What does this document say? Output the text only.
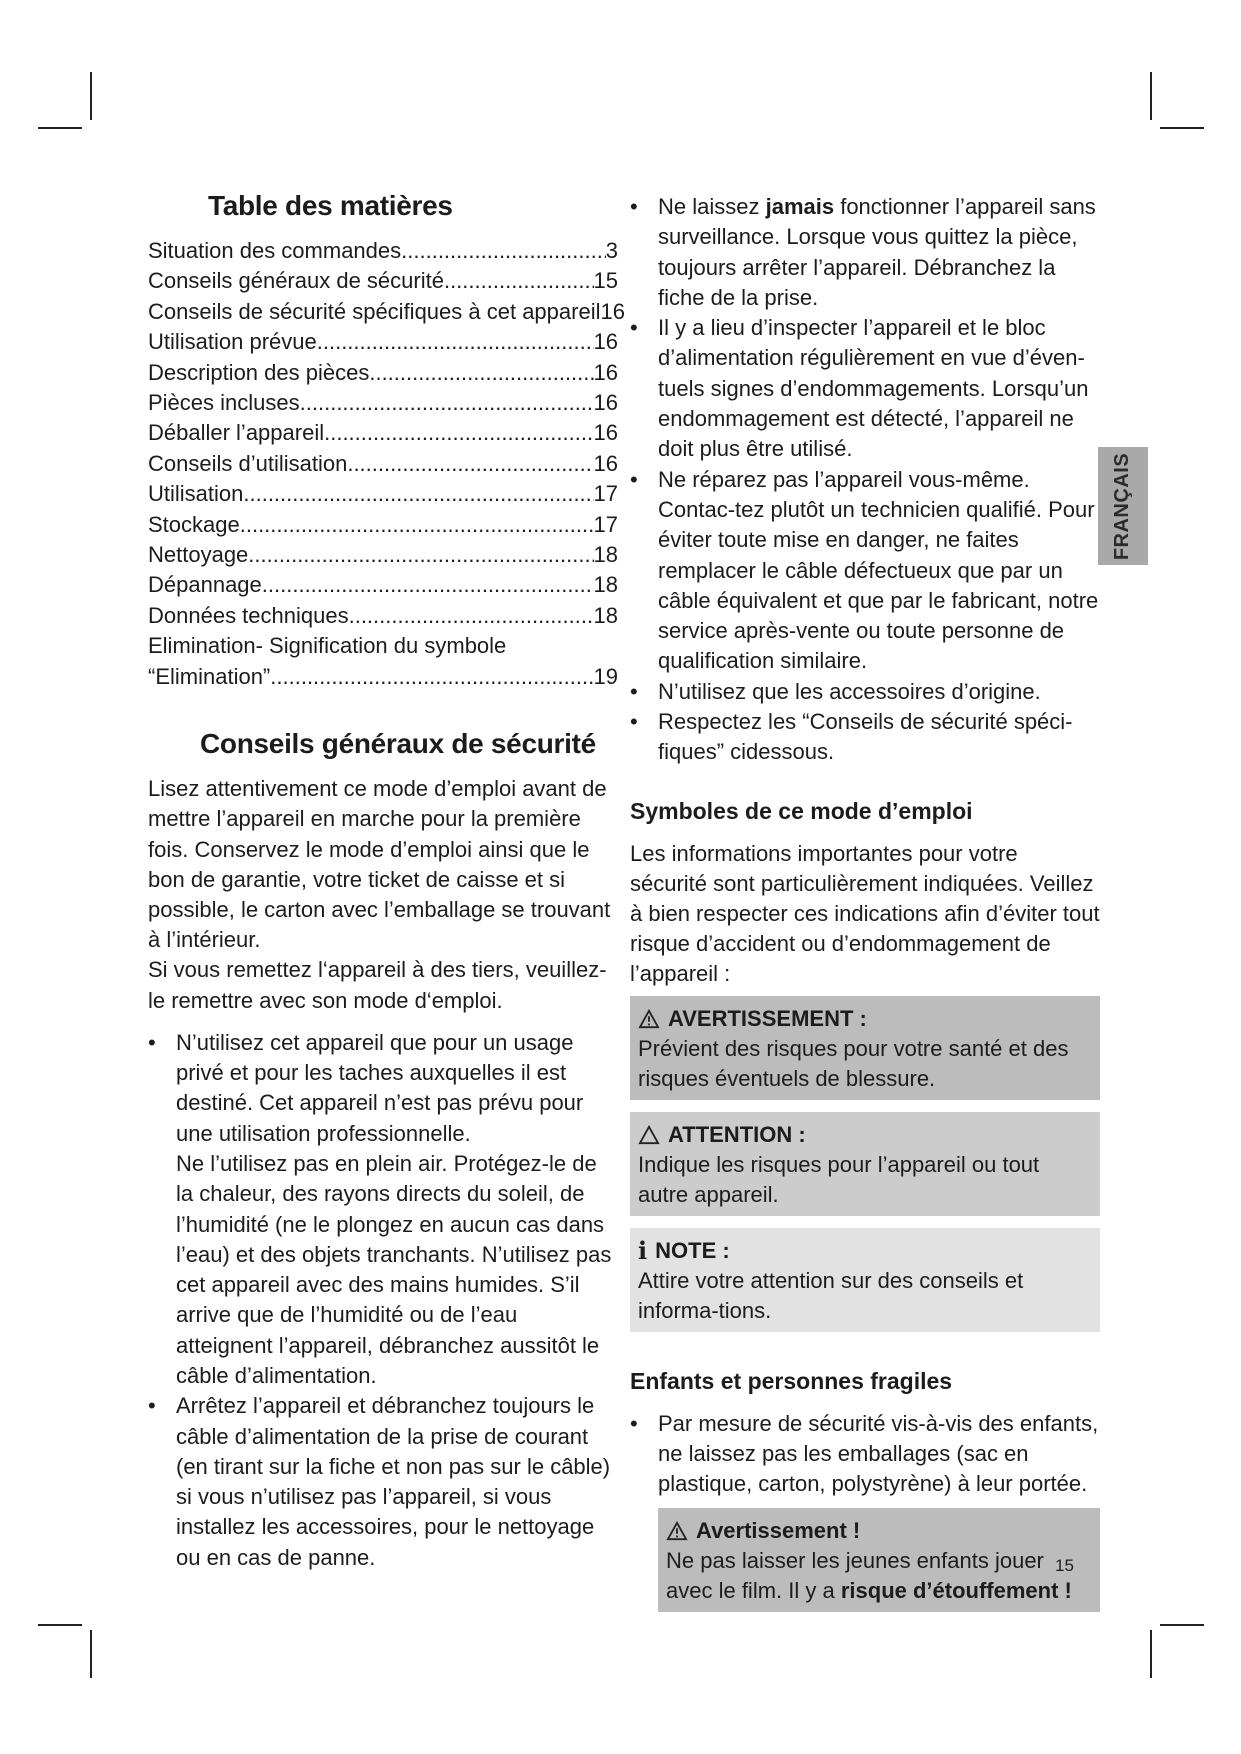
Table des matières
Situation des commandes .....	3
Conseils généraux de sécurité .....	15
Conseils de sécurité spécifiques à cet appareil 16
Utilisation prévue .....	16
Description des pièces .....	16
Pièces incluses .....	16
Déballer l’appareil .....	16
Conseils d’utilisation .....	16
Utilisation .....	17
Stockage .....	17
Nettoyage .....	18
Dépannage .....	18
Données techniques .....	18
Elimination- Signification du symbole
“Elimination” .....	19
Conseils généraux de sécurité

Lisez attentivement ce mode d’emploi avant de mettre l’appareil en marche pour la première fois. Conservez le mode d’emploi ainsi que le bon de garantie, votre ticket de caisse et si possible, le carton avec l’emballage se trouvant à l’intérieur.

Si vous remettez l‘appareil à des tiers, veuillez-le remettre avec son mode d‘emploi.

• N’utilisez cet appareil que pour un usage privé et pour les taches auxquelles il est destiné. Cet appareil n’est pas prévu pour une utilisation professionnelle.
Ne l’utilisez pas en plein air. Protégez-le de la chaleur, des rayons directs du soleil, de l’humidité (ne le plongez en aucun cas dans l’eau) et des objets tranchants. N’utilisez pas cet appareil avec des mains humides. S’il arrive que de l’humidité ou de l’eau atteignent l’appareil, débranchez aussitôt le câble d’alimentation.
• Arrêtez l’appareil et débranchez toujours le câble d’alimentation de la prise de courant (en tirant sur la fiche et non pas sur le câble) si vous n’utilisez pas l’appareil, si vous installez les accessoires, pour le nettoyage ou en cas de panne.
• Ne laissez jamais fonctionner l’appareil sans surveillance. Lorsque vous quittez la pièce, toujours arrêter l’appareil. Débranchez la fiche de la prise.
• Il y a lieu d’inspecter l’appareil et le bloc d’alimentation régulièrement en vue d’éven-tuels signes d’endommagements. Lorsqu’un endommagement est détecté, l’appareil ne doit plus être utilisé.
• Ne réparez pas l’appareil vous-même. Contac-tez plutôt un technicien qualifié. Pour éviter toute mise en danger, ne faites remplacer le câble défectueux que par un câble équivalent et que par le fabricant, notre service après-vente ou toute personne de qualification similaire.
• N’utilisez que les accessoires d’origine.
• Respectez les “Conseils de sécurité spéci-fiques” cidessous.
Symboles de ce mode d’emploi

Les informations importantes pour votre sécurité sont particulièrement indiquées. Veillez à bien respecter ces indications afin d’éviter tout risque d’accident ou d’endommagement de l’appareil :

AVERTISSEMENT :
Prévient des risques pour votre santé et des risques éventuels de blessure.
ATTENTION :
Indique les risques pour l’appareil ou tout autre appareil.
i NOTE :
Attire votre attention sur des conseils et informa-tions.
Enfants et personnes fragiles
• Par mesure de sécurité vis-à-vis des enfants, ne laissez pas les emballages (sac en plastique, carton, polystyrène) à leur portée.
Avertissement !
Ne pas laisser les jeunes enfants jouer avec le film. Il y a risque d’étouffement !
FRANÇAIS
15
